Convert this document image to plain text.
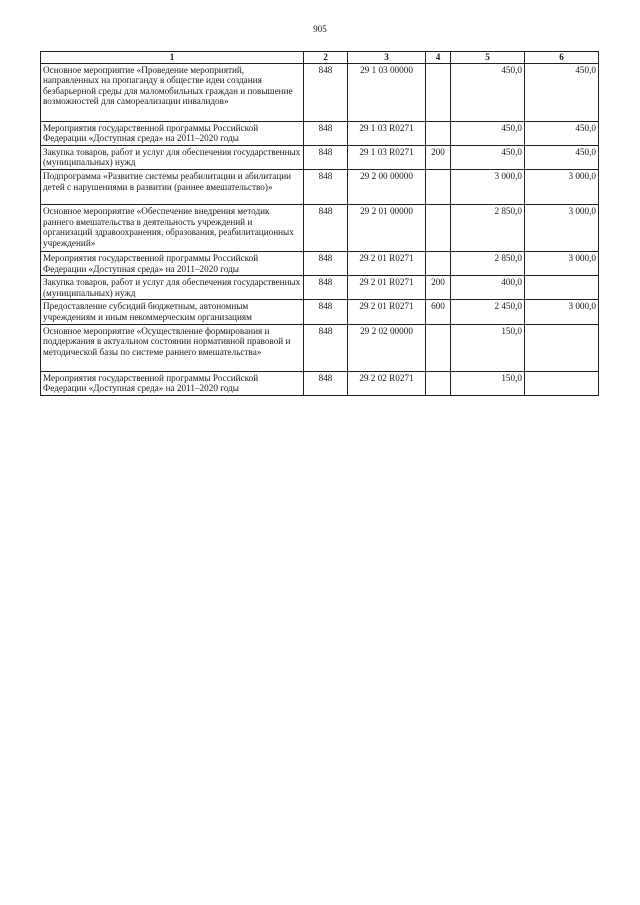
905
1	2	3	4	5	6
Основное мероприятие «Проведение мероприятий, направленных на пропаганду в обществе идеи создания безбарьерной среды для маломобильных граждан и повышение возможностей для самореализации инвалидов»	848	29 1 03 00000		450,0	450,0
Мероприятия государственной программы Российской Федерации «Доступная среда» на 2011–2020 годы	848	29 1 03 R0271		450,0	450,0
Закупка товаров, работ и услуг для обеспечения государственных (муниципальных) нужд	848	29 1 03 R0271	200	450,0	450,0
Подпрограмма «Развитие системы реабилитации и абилитации детей с нарушениями в развитии (раннее вмешательство)»	848	29 2 00 00000		3 000,0	3 000,0
Основное мероприятие «Обеспечение внедрения методик раннего вмешательства в деятельность учреждений и организаций здравоохранения, образования, реабилитационных учреждений»	848	29 2 01 00000		2 850,0	3 000,0
Мероприятия государственной программы Российской Федерации «Доступная среда» на 2011–2020 годы	848	29 2 01 R0271		2 850,0	3 000,0
Закупка товаров, работ и услуг для обеспечения государственных (муниципальных) нужд	848	29 2 01 R0271	200	400,0	
Предоставление субсидий бюджетным, автономным учреждениям и иным некоммерческим организациям	848	29 2 01 R0271	600	2 450,0	3 000,0
Основное мероприятие «Осуществление формирования и поддержания в актуальном состоянии нормативной правовой и методической базы по системе раннего вмешательства»	848	29 2 02 00000		150,0	
Мероприятия государственной программы Российской Федерации «Доступная среда» на 2011–2020 годы	848	29 2 02 R0271		150,0	
